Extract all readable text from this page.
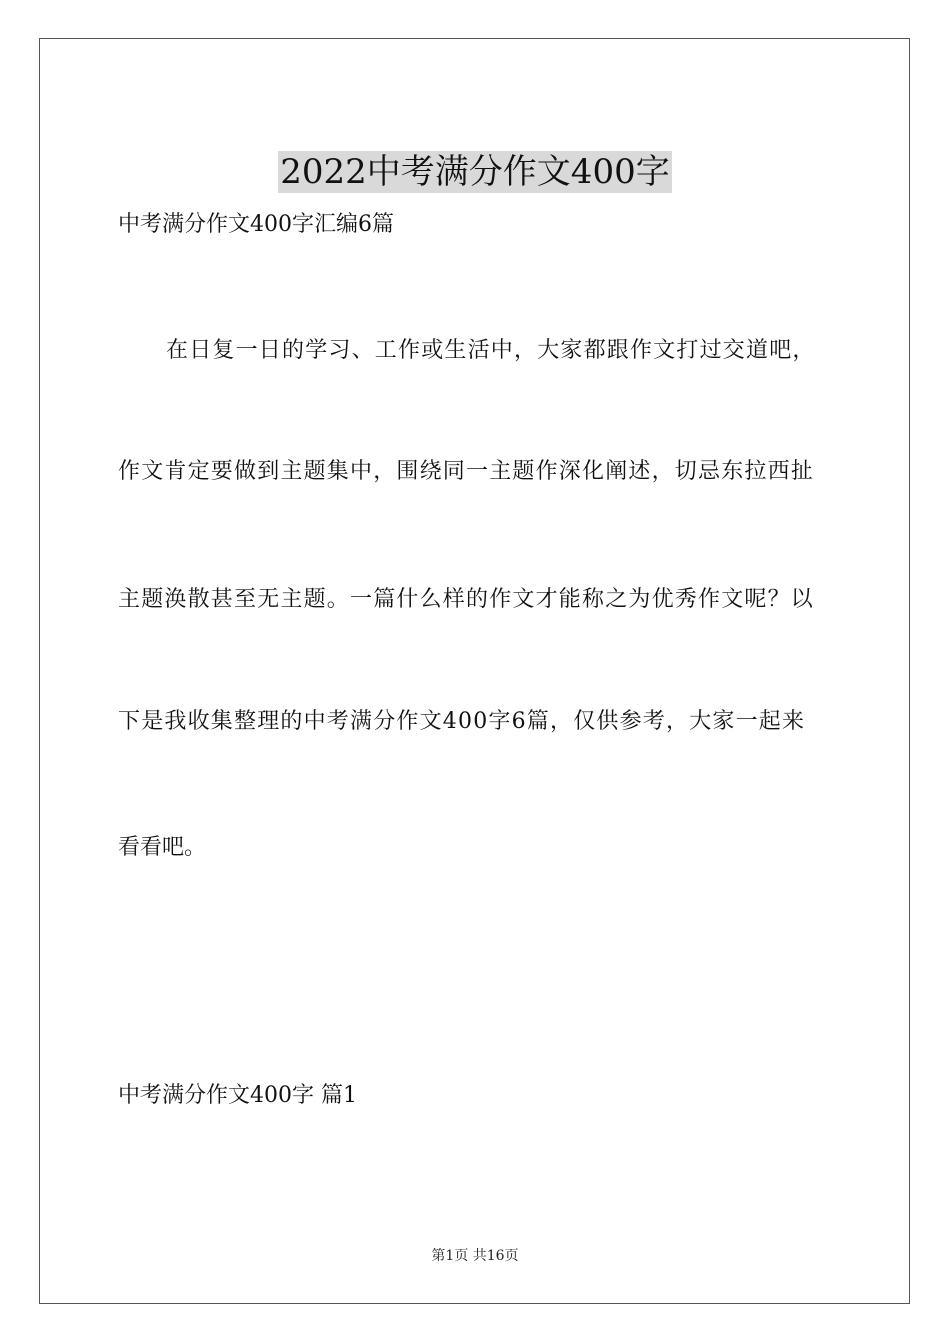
2022中考满分作文400字
中考满分作文400字汇编6篇
在日复一日的学习、工作或生活中，大家都跟作文打过交道吧，
作文肯定要做到主题集中，围绕同一主题作深化阐述，切忌东拉西扯
主题涣散甚至无主题。一篇什么样的作文才能称之为优秀作文呢？以
下是我收集整理的中考满分作文400字6篇，仅供参考，大家一起来
看看吧。
中考满分作文400字 篇1
第1页 共16页
